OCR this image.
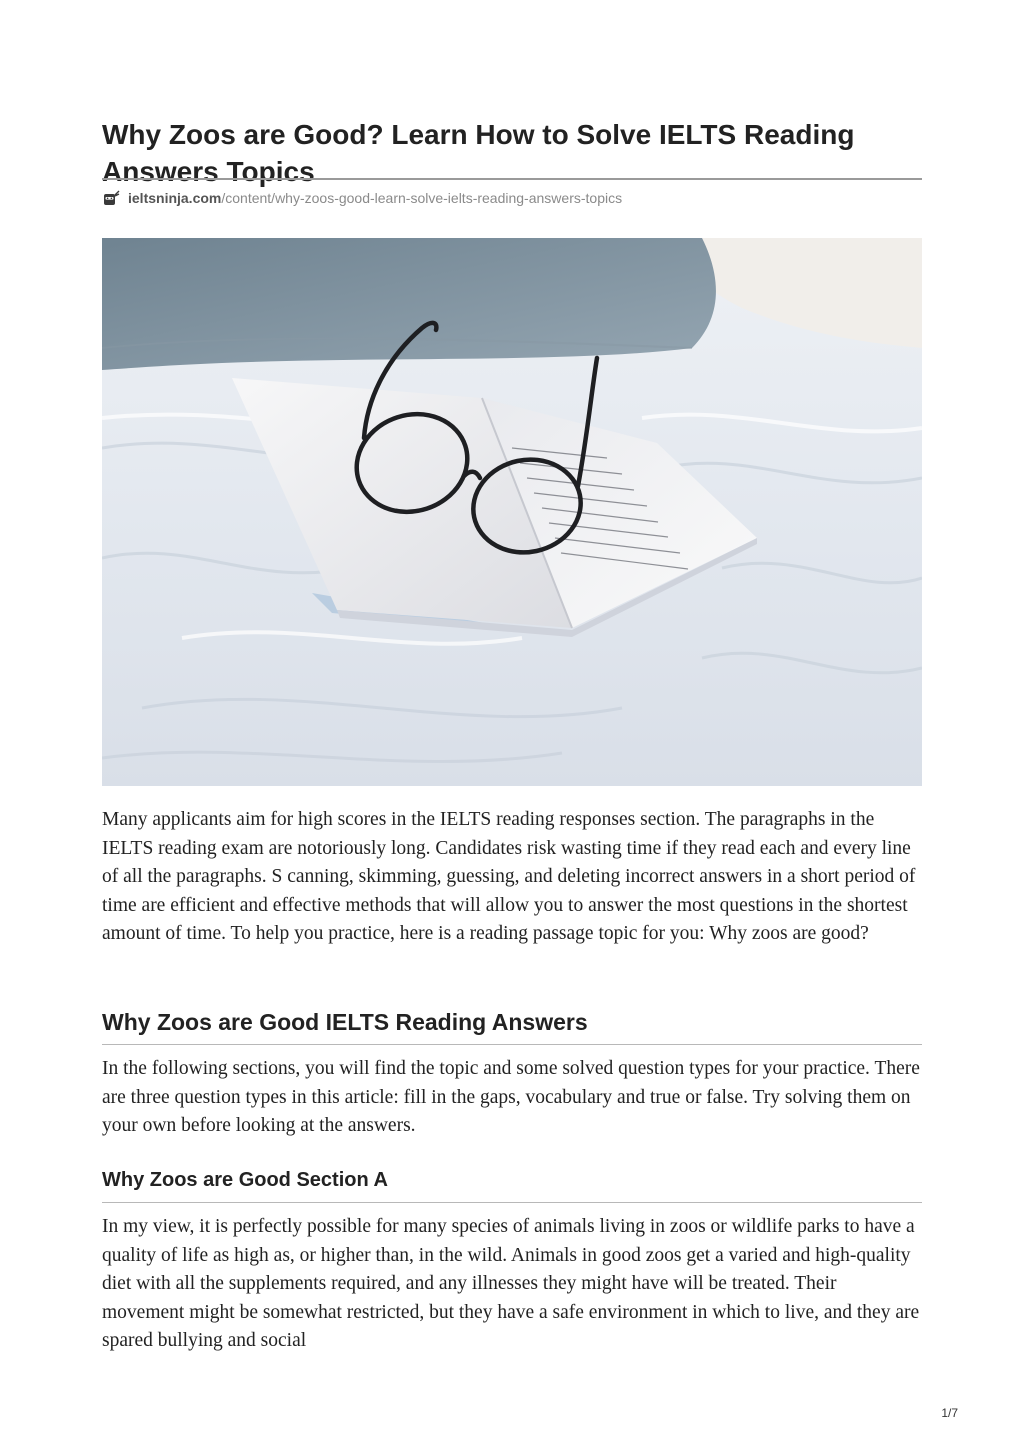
Why Zoos are Good? Learn How to Solve IELTS Reading Answers Topics
ieltsninja.com/content/why-zoos-good-learn-solve-ielts-reading-answers-topics

Many applicants aim for high scores in the IELTS reading responses section. The paragraphs in the IELTS reading exam are notoriously long. Candidates risk wasting time if they read each and every line of all the paragraphs. S canning, skimming, guessing, and deleting incorrect answers in a short period of time are efficient and effective methods that will allow you to answer the most questions in the shortest amount of time. To help you practice, here is a reading passage topic for you: Why zoos are good?

Why Zoos are Good IELTS Reading Answers

In the following sections, you will find the topic and some solved question types for your practice. There are three question types in this article: fill in the gaps, vocabulary and true or false. Try solving them on your own before looking at the answers.

Why Zoos are Good Section A

In my view, it is perfectly possible for many species of animals living in zoos or wildlife parks to have a quality of life as high as, or higher than, in the wild. Animals in good zoos get a varied and high-quality diet with all the supplements required, and any illnesses they might have will be treated. Their movement might be somewhat restricted, but they have a safe environment in which to live, and they are spared bullying and social

1/7
